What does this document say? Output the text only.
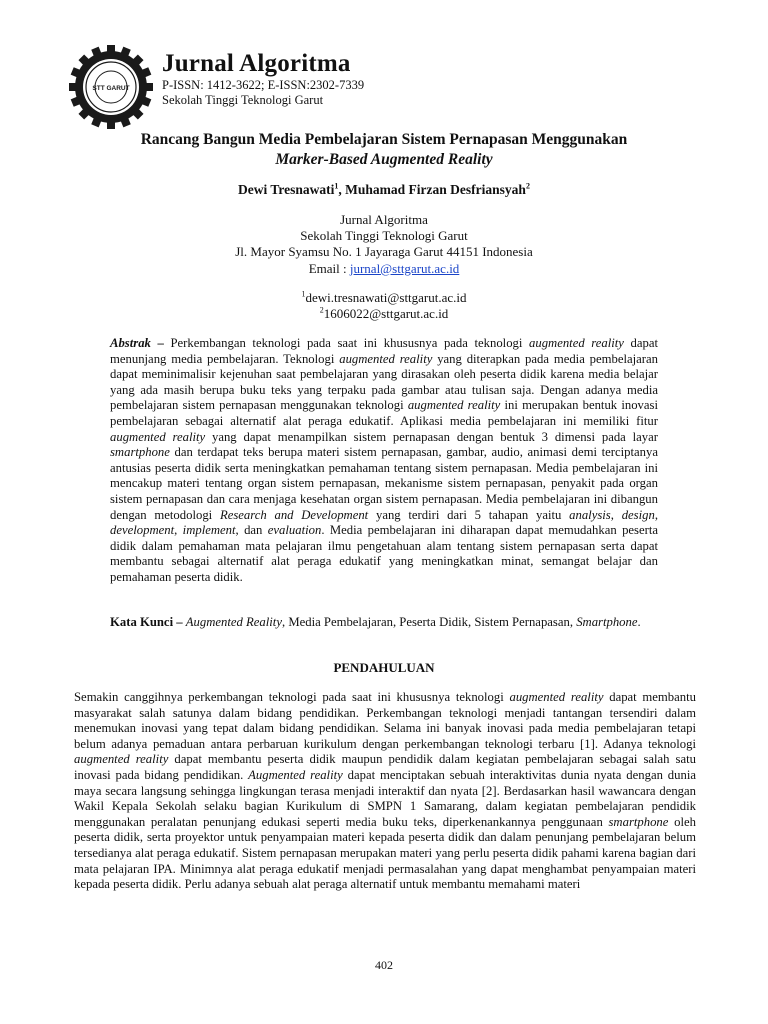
STT GARUT
Jurnal Algoritma
P-ISSN: 1412-3622; E-ISSN:2302-7339
Sekolah Tinggi Teknologi Garut
Rancang Bangun Media Pembelajaran Sistem Pernapasan Menggunakan
Marker-Based Augmented Reality
Dewi Tresnawati$^1$, Muhamad Firzan Desfriansyah$^2$
Jurnal Algoritma
Sekolah Tinggi Teknologi Garut
Jl. Mayor Syamsu No. 1 Jayaraga Garut 44151 Indonesia
Email : jurnal@sttgarut.ac.id
$^1$dewi.tresnawati@sttgarut.ac.id
$^2$1606022@sttgarut.ac.id

Abstrak – Perkembangan teknologi pada saat ini khususnya pada teknologi augmented reality dapat menunjang media pembelajaran. Teknologi augmented reality yang diterapkan pada media pembelajaran dapat meminimalisir kejenuhan saat pembelajaran yang dirasakan oleh peserta didik karena media belajar yang ada masih berupa buku teks yang terpaku pada gambar atau tulisan saja. Dengan adanya media pembelajaran sistem pernapasan menggunakan teknologi augmented reality ini merupakan bentuk inovasi pembelajaran sebagai alternatif alat peraga edukatif. Aplikasi media pembelajaran ini memiliki fitur augmented reality yang dapat menampilkan sistem pernapasan dengan bentuk 3 dimensi pada layar smartphone dan terdapat teks berupa materi sistem pernapasan, gambar, audio, animasi demi terciptanya antusias peserta didik serta meningkatkan pemahaman tentang sistem pernapasan. Media pembelajaran ini mencakup materi tentang organ sistem pernapasan, mekanisme sistem pernapasan, penyakit pada organ sistem pernapasan dan cara menjaga kesehatan organ sistem pernapasan. Media pembelajaran ini dibangun dengan metodologi Research and Development yang terdiri dari 5 tahapan yaitu analysis, design, development, implement, dan evaluation. Media pembelajaran ini diharapan dapat memudahkan peserta didik dalam pemahaman mata pelajaran ilmu pengetahuan alam tentang sistem pernapasan serta dapat membantu sebagai alternatif alat peraga edukatif yang meningkatkan minat, semangat belajar dan pemahaman peserta didik.

Kata Kunci – Augmented Reality, Media Pembelajaran, Peserta Didik, Sistem Pernapasan, Smartphone.

PENDAHULUAN

Semakin canggihnya perkembangan teknologi pada saat ini khususnya teknologi augmented reality dapat membantu masyarakat salah satunya dalam bidang pendidikan. Perkembangan teknologi menjadi tantangan tersendiri dalam menemukan inovasi yang tepat dalam bidang pendidikan. Selama ini banyak inovasi pada media pembelajaran tetapi belum adanya pemaduan antara perbaruan kurikulum dengan perkembangan teknologi terbaru [1]. Adanya teknologi augmented reality dapat membantu peserta didik maupun pendidik dalam kegiatan pembelajaran sebagai salah satu inovasi pada bidang pendidikan. Augmented reality dapat menciptakan sebuah interaktivitas dunia nyata dengan dunia maya secara langsung sehingga lingkungan terasa menjadi interaktif dan nyata [2]. Berdasarkan hasil wawancara dengan Wakil Kepala Sekolah selaku bagian Kurikulum di SMPN 1 Samarang, dalam kegiatan pembelajaran pendidik menggunakan peralatan penunjang edukasi seperti media buku teks, diperkenankannya penggunaan smartphone oleh peserta didik, serta proyektor untuk penyampaian materi kepada peserta didik dan dalam penunjang pembelajaran belum tersedianya alat peraga edukatif. Sistem pernapasan merupakan materi yang perlu peserta didik pahami karena bagian dari mata pelajaran IPA. Minimnya alat peraga edukatif menjadi permasalahan yang dapat menghambat penyampaian materi kepada peserta didik. Perlu adanya sebuah alat peraga alternatif untuk membantu memahami materi

402
